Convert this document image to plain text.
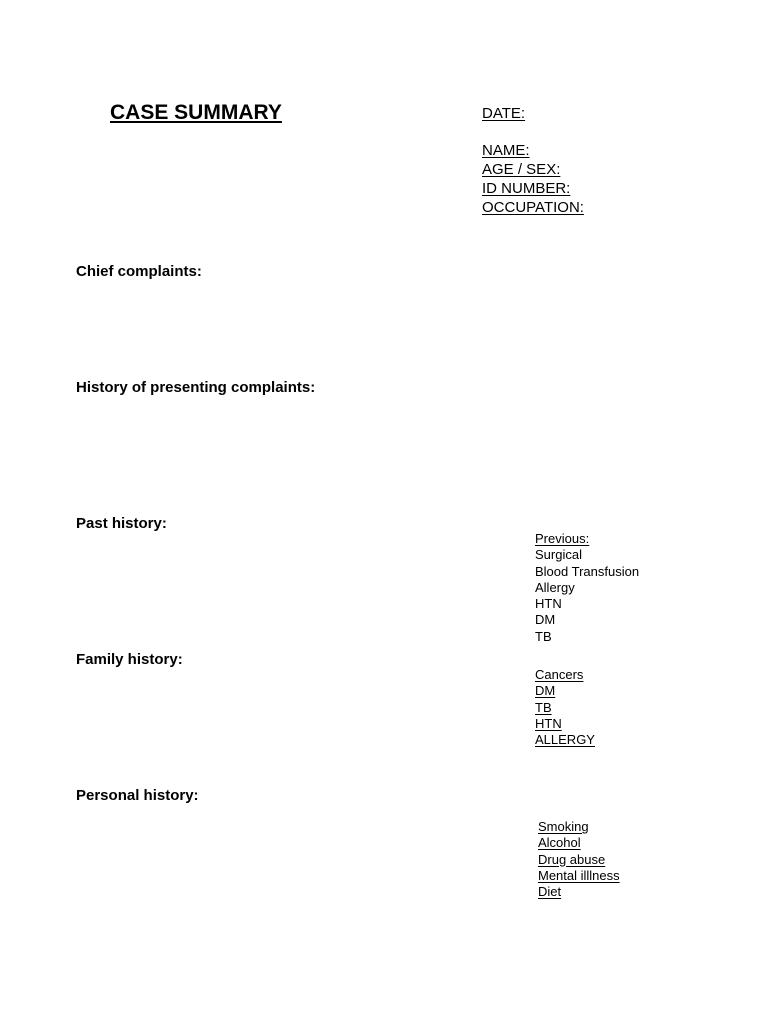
CASE SUMMARY	DATE:
NAME:
AGE / SEX:
ID NUMBER:
OCCUPATION:
Chief complaints:
History of presenting complaints:
Past history:
Family history:
Personal history:
Previous:
Surgical
Blood Transfusion
Allergy
HTN
DM
TB
Cancers
DM
TB
HTN
ALLERGY
Smoking
Alcohol
Drug abuse
Mental illlness
Diet
